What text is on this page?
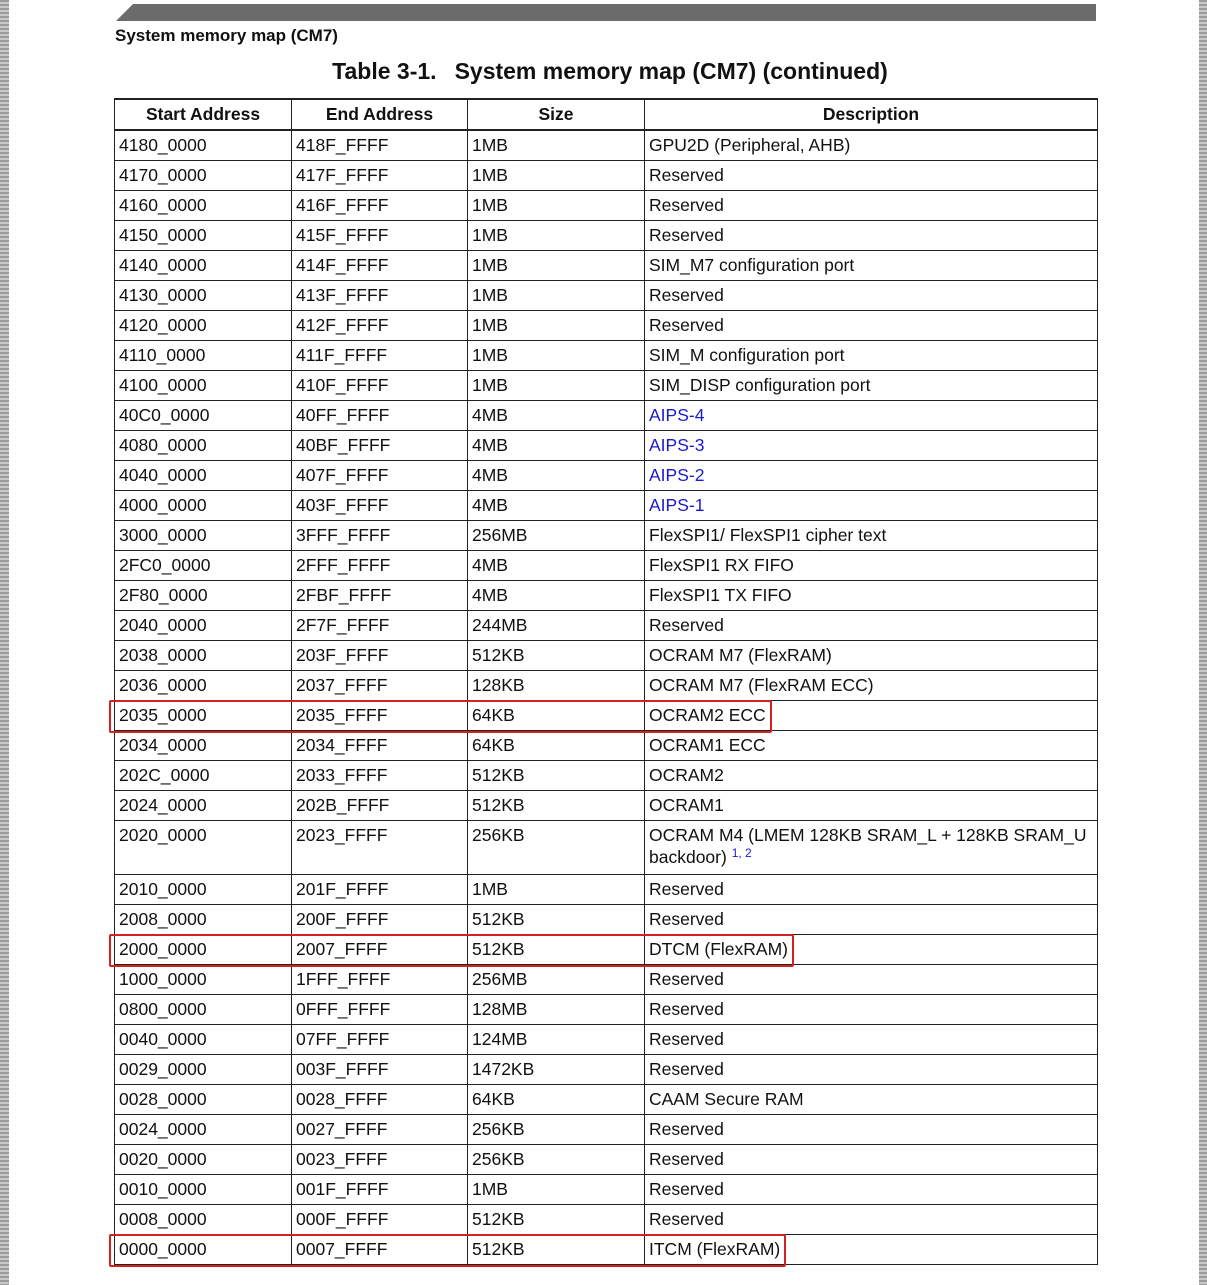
System memory map (CM7)
Table 3-1. System memory map (CM7) (continued)
Start Address	End Address	Size	Description
4180_0000	418F_FFFF	1MB	GPU2D (Peripheral, AHB)
4170_0000	417F_FFFF	1MB	Reserved
4160_0000	416F_FFFF	1MB	Reserved
4150_0000	415F_FFFF	1MB	Reserved
4140_0000	414F_FFFF	1MB	SIM_M7 configuration port
4130_0000	413F_FFFF	1MB	Reserved
4120_0000	412F_FFFF	1MB	Reserved
4110_0000	411F_FFFF	1MB	SIM_M configuration port
4100_0000	410F_FFFF	1MB	SIM_DISP configuration port
40C0_0000	40FF_FFFF	4MB	AIPS-4
4080_0000	40BF_FFFF	4MB	AIPS-3
4040_0000	407F_FFFF	4MB	AIPS-2
4000_0000	403F_FFFF	4MB	AIPS-1
3000_0000	3FFF_FFFF	256MB	FlexSPI1/ FlexSPI1 cipher text
2FC0_0000	2FFF_FFFF	4MB	FlexSPI1 RX FIFO
2F80_0000	2FBF_FFFF	4MB	FlexSPI1 TX FIFO
2040_0000	2F7F_FFFF	244MB	Reserved
2038_0000	203F_FFFF	512KB	OCRAM M7 (FlexRAM)
2036_0000	2037_FFFF	128KB	OCRAM M7 (FlexRAM ECC)
2035_0000	2035_FFFF	64KB	OCRAM2 ECC
2034_0000	2034_FFFF	64KB	OCRAM1 ECC
202C_0000	2033_FFFF	512KB	OCRAM2
2024_0000	202B_FFFF	512KB	OCRAM1
2020_0000	2023_FFFF	256KB	OCRAM M4 (LMEM 128KB SRAM_L + 128KB SRAM_U backdoor) $^{1, 2}$
2010_0000	201F_FFFF	1MB	Reserved
2008_0000	200F_FFFF	512KB	Reserved
2000_0000	2007_FFFF	512KB	DTCM (FlexRAM)
1000_0000	1FFF_FFFF	256MB	Reserved
0800_0000	0FFF_FFFF	128MB	Reserved
0040_0000	07FF_FFFF	124MB	Reserved
0029_0000	003F_FFFF	1472KB	Reserved
0028_0000	0028_FFFF	64KB	CAAM Secure RAM
0024_0000	0027_FFFF	256KB	Reserved
0020_0000	0023_FFFF	256KB	Reserved
0010_0000	001F_FFFF	1MB	Reserved
0008_0000	000F_FFFF	512KB	Reserved
0000_0000	0007_FFFF	512KB	ITCM (FlexRAM)
